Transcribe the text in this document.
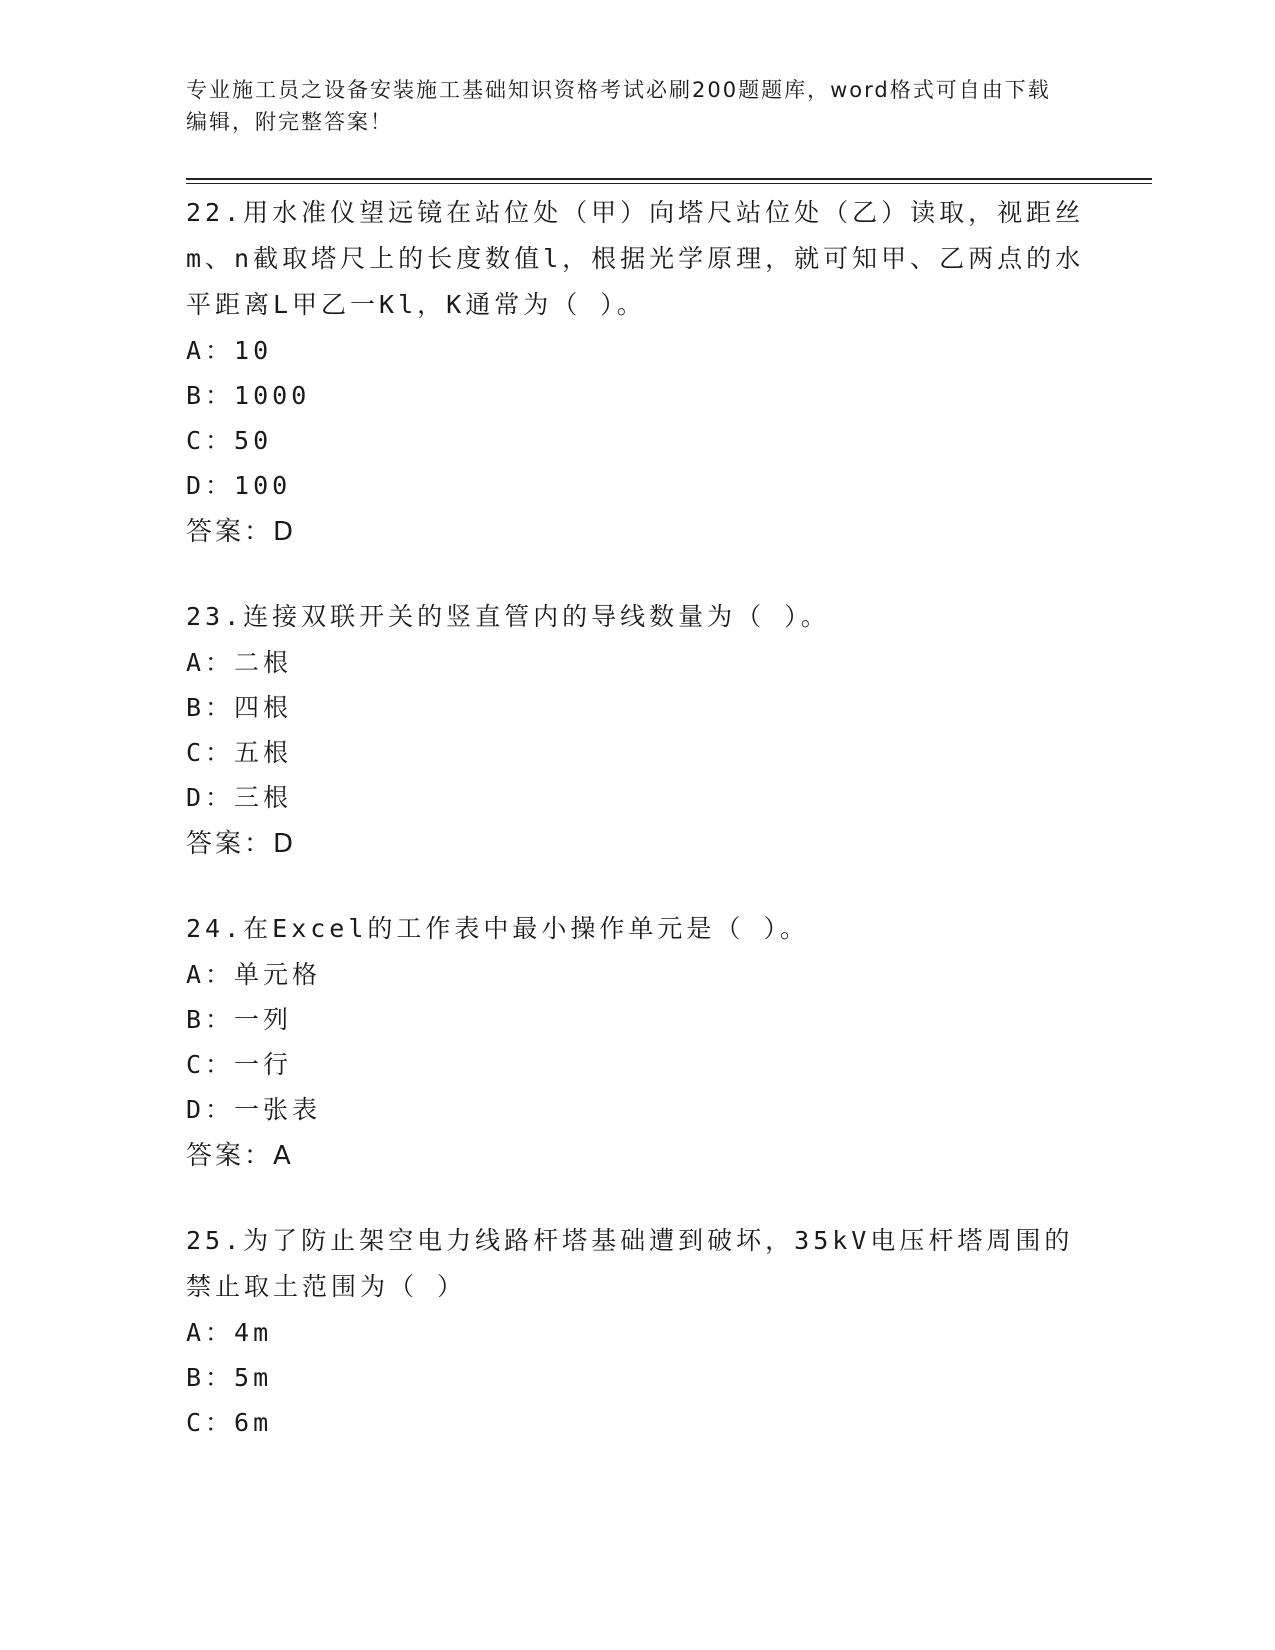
专业施工员之设备安装施工基础知识资格考试必刷200题题库，word格式可自由下载编辑，附完整答案！

22.用水准仪望远镜在站位处（甲）向塔尺站位处（乙）读取，视距丝m、n截取塔尺上的长度数值l，根据光学原理，就可知甲、乙两点的水平距离L甲乙一Kl，K通常为（ ）。

A：10

B：1000

C：50

D：100

答案：D

23.连接双联开关的竖直管内的导线数量为（ ）。

A：二根

B：四根

C：五根

D：三根

答案：D

24.在Excel的工作表中最小操作单元是（ ）。

A：单元格

B：一列

C：一行

D：一张表

答案：A

25.为了防止架空电力线路杆塔基础遭到破坏，35kV电压杆塔周围的禁止取土范围为（ ）

A：4m

B：5m

C：6m
